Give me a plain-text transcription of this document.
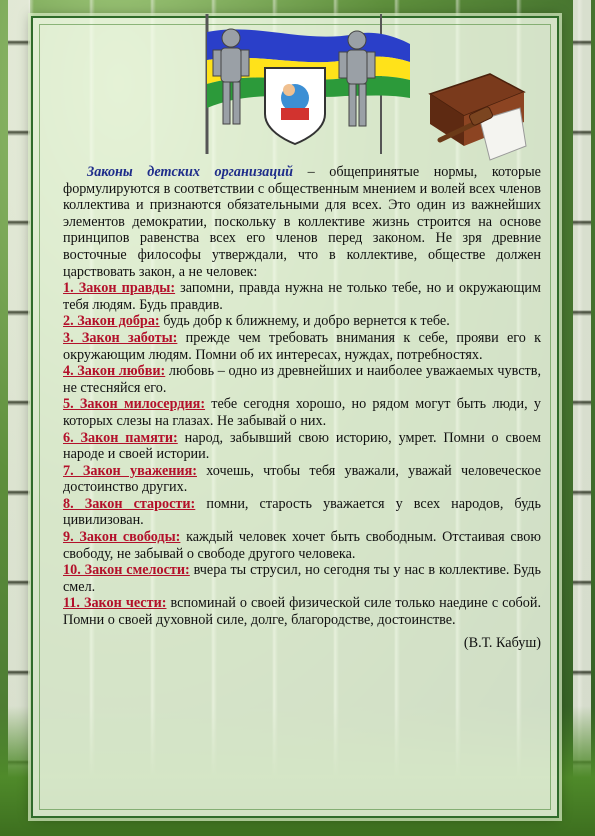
Законы детских организаций – общепринятые нормы, которые формулируются в соответствии с общественным мнением и волей всех членов коллектива и признаются обязательными для всех. Это один из важнейших элементов демократии, поскольку в коллективе жизнь строится на основе принципов равенства всех его членов перед законом. Не зря древние восточные философы утверждали, что в коллективе, обществе должен царствовать закон, а не человек:

1. Закон правды: запомни, правда нужна не только тебе, но и окружающим тебя людям. Будь правдив.

2. Закон добра: будь добр к ближнему, и добро вернется к тебе.

3. Закон заботы: прежде чем требовать внимания к себе, прояви его к окружающим людям. Помни об их интересах, нуждах, потребностях.

4. Закон любви: любовь – одно из древнейших и наиболее уважаемых чувств, не стесняйся его.

5. Закон милосердия: тебе сегодня хорошо, но рядом могут быть люди, у которых слезы на глазах. Не забывай о них.

6. Закон памяти: народ, забывший свою историю, умрет. Помни о своем народе и своей истории.

7. Закон уважения: хочешь, чтобы тебя уважали, уважай человеческое достоинство других.

8. Закон старости: помни, старость уважается у всех народов, будь цивилизован.

9. Закон свободы: каждый человек хочет быть свободным. Отстаивая свою свободу, не забывай о свободе другого человека.

10. Закон смелости: вчера ты струсил, но сегодня ты у нас в коллективе. Будь смел.

11. Закон чести: вспоминай о своей физической силе только наедине с собой. Помни о своей духовной силе, долге, благородстве, достоинстве.

(В.Т. Кабуш)
